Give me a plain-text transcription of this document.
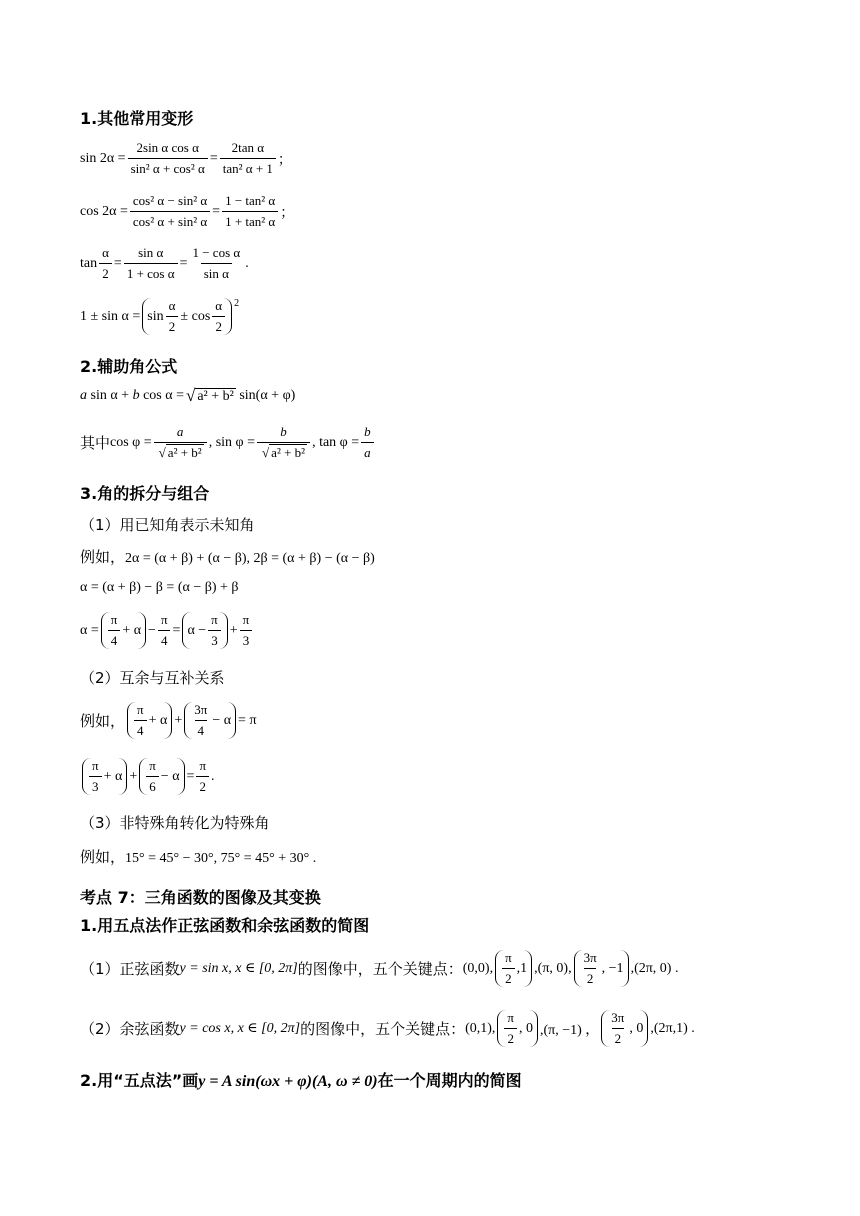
1.其他常用变形
$\sin 2\alpha = \frac{\text{2sin α cos α}}{\text{sin² α + cos² α}} = \frac{\text{2tan α}}{\text{tan² α + 1}}$ ；
$\cos 2\alpha = \frac{\text{cos² α − sin² α}}{\text{cos² α + sin² α}} = \frac{\text{1 − tan² α}}{\text{1 + tan² α}}$ ；
$\tan \frac{\alpha}{2} = \frac{\text{sin α}}{\text{1 + cos α}} = \frac{\text{1 − cos α}}{\text{sin α}}$ .
1 ± sin α = sin
α
2
± cos
α
2
$^2$
2.辅助角公式
a
sin α +
b
cos α = √ a² + b²
sin(α + φ)
其中 $\cos \varphi = \frac{a}{\text{√ a² + b²}}$ , $\sin \varphi = \frac{b}{\text{√ a² + b²}}$ , $\tan \varphi = \frac{b}{a}$
3.角的拆分与组合
（1）用已知角表示未知角
例如，2α = (α + β) + (α − β), 2β = (α + β) − (α − β)
α = (α + β) − β = (α − β) + β
α =
π
4
+ $\alpha - \frac{\pi}{4} = \alpha - \frac{\pi}{3} + \frac{\pi}{3}$
（2）互余与互补关系
例如，
π
4
+ α +
3π
4
− α = π
π
3
+ α +
π
6
− $\alpha = \frac{\pi}{2}$ .
（3）非特殊角转化为特殊角
例如，15° = 45° − 30°, 75° = 45° + 30° .
考点 7：三角函数的图像及其变换
1.用五点法作正弦函数和余弦函数的简图
（1）正弦函数 y = sin x, x ∈ [0, 2π] 的图像中，五个关键点： (0,0),
π
2
,1 ,(π, 0),
3π
2
, −1 ,(2π, 0) .
（2）余弦函数 y = cos x, x ∈ [0, 2π] 的图像中，五个关键点： (0,1),
π
2
, 0 ,(π, −1) ，
3π
2
, 0 ,(2π,1) .
2.用“五点法”画y = A sin(ωx + φ)(A, ω ≠ 0)在一个周期内的简图
